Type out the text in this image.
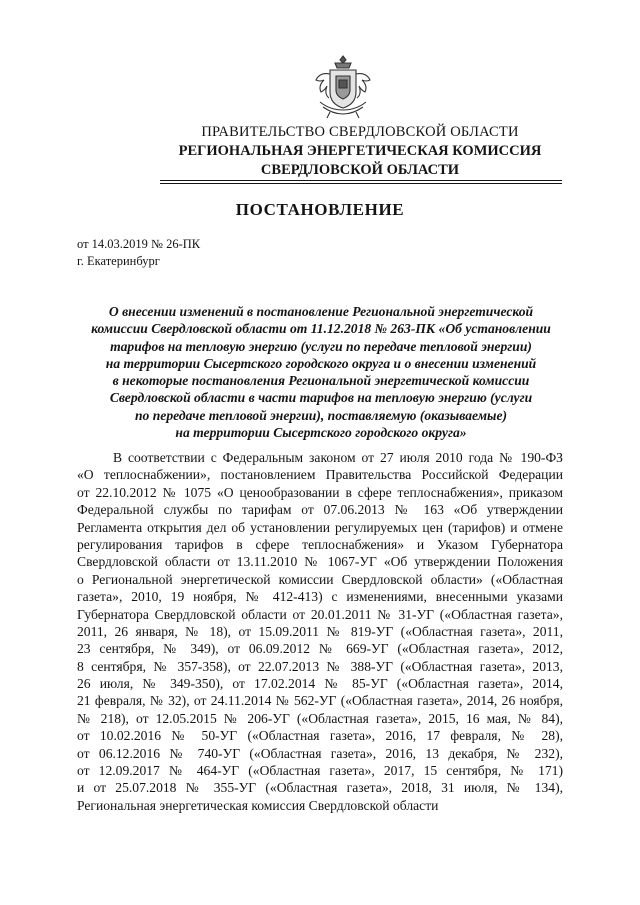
ПРАВИТЕЛЬСТВО СВЕРДЛОВСКОЙ ОБЛАСТИ
РЕГИОНАЛЬНАЯ ЭНЕРГЕТИЧЕСКАЯ КОМИССИЯ
СВЕРДЛОВСКОЙ ОБЛАСТИ
ПОСТАНОВЛЕНИЕ
от 14.03.2019 № 26-ПК
г. Екатеринбург
О внесении изменений в постановление Региональной энергетической
комиссии Свердловской области от 11.12.2018 № 263-ПК «Об установлении
тарифов на тепловую энергию (услуги по передаче тепловой энергии)
на территории Сысертского городского округа и о внесении изменений
в некоторые постановления Региональной энергетической комиссии
Свердловской области в части тарифов на тепловую энергию (услуги
по передаче тепловой энергии), поставляемую (оказываемые)
на территории Сысертского городского округа»
В соответствии с Федеральным законом от 27 июля 2010 года № 190-ФЗ
«О теплоснабжении», постановлением Правительства Российской Федерации
от 22.10.2012 № 1075 «О ценообразовании в сфере теплоснабжения», приказом
Федеральной службы по тарифам от 07.06.2013 № 163 «Об утверждении
Регламента открытия дел об установлении регулируемых цен (тарифов) и отмене
регулирования тарифов в сфере теплоснабжения» и Указом Губернатора
Свердловской области от 13.11.2010 № 1067-УГ «Об утверждении Положения
о Региональной энергетической комиссии Свердловской области» («Областная
газета», 2010, 19 ноября, № 412-413) с изменениями, внесенными указами
Губернатора Свердловской области от 20.01.2011 № 31-УГ («Областная газета»,
2011, 26 января, № 18), от 15.09.2011 № 819-УГ («Областная газета», 2011,
23 сентября, № 349), от 06.09.2012 № 669-УГ («Областная газета», 2012,
8 сентября, № 357-358), от 22.07.2013 № 388-УГ («Областная газета», 2013,
26 июля, № 349-350), от 17.02.2014 № 85-УГ («Областная газета», 2014,
21 февраля, № 32), от 24.11.2014 № 562-УГ («Областная газета», 2014, 26 ноября,
№ 218), от 12.05.2015 № 206-УГ («Областная газета», 2015, 16 мая, № 84),
от 10.02.2016 № 50-УГ («Областная газета», 2016, 17 февраля, № 28),
от 06.12.2016 № 740-УГ («Областная газета», 2016, 13 декабря, № 232),
от 12.09.2017 № 464-УГ («Областная газета», 2017, 15 сентября, № 171)
и от 25.07.2018 № 355-УГ («Областная газета», 2018, 31 июля, № 134),
Региональная энергетическая комиссия Свердловской области
